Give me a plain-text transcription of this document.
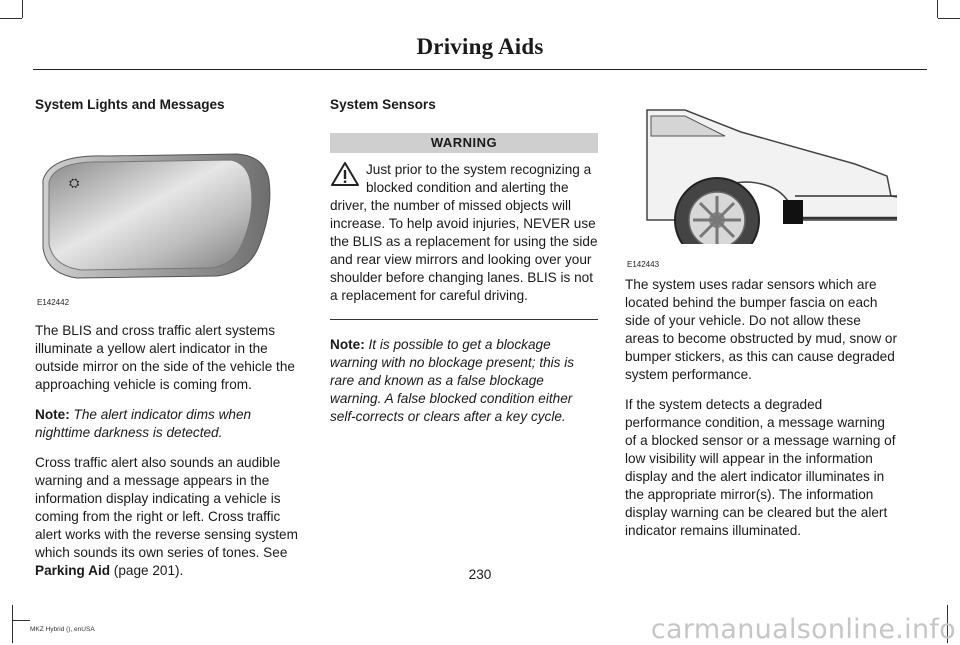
Driving Aids

System Lights and Messages

⛭
E142442

The BLIS and cross traffic alert systems illuminate a yellow alert indicator in the outside mirror on the side of the vehicle the approaching vehicle is coming from.

Note: The alert indicator dims when nighttime darkness is detected.

Cross traffic alert also sounds an audible warning and a message appears in the information display indicating a vehicle is coming from the right or left. Cross traffic alert works with the reverse sensing system which sounds its own series of tones. See Parking Aid (page 201).

System Sensors

WARNING
Just prior to the system recognizing a blocked condition and alerting the driver, the number of missed objects will increase. To help avoid injuries, NEVER use the BLIS as a replacement for using the side and rear view mirrors and looking over your shoulder before changing lanes. BLIS is not a replacement for careful driving.

Note: It is possible to get a blockage warning with no blockage present; this is rare and known as a false blockage warning. A false blocked condition either self-corrects or clears after a key cycle.

E142443

The system uses radar sensors which are located behind the bumper fascia on each side of your vehicle. Do not allow these areas to become obstructed by mud, snow or bumper stickers, as this can cause degraded system performance.

If the system detects a degraded performance condition, a message warning of a blocked sensor or a message warning of low visibility will appear in the information display and the alert indicator illuminates in the appropriate mirror(s). The information display warning can be cleared but the alert indicator remains illuminated.

230
MKZ Hybrid (), enUSA	carmanualsonline.info
